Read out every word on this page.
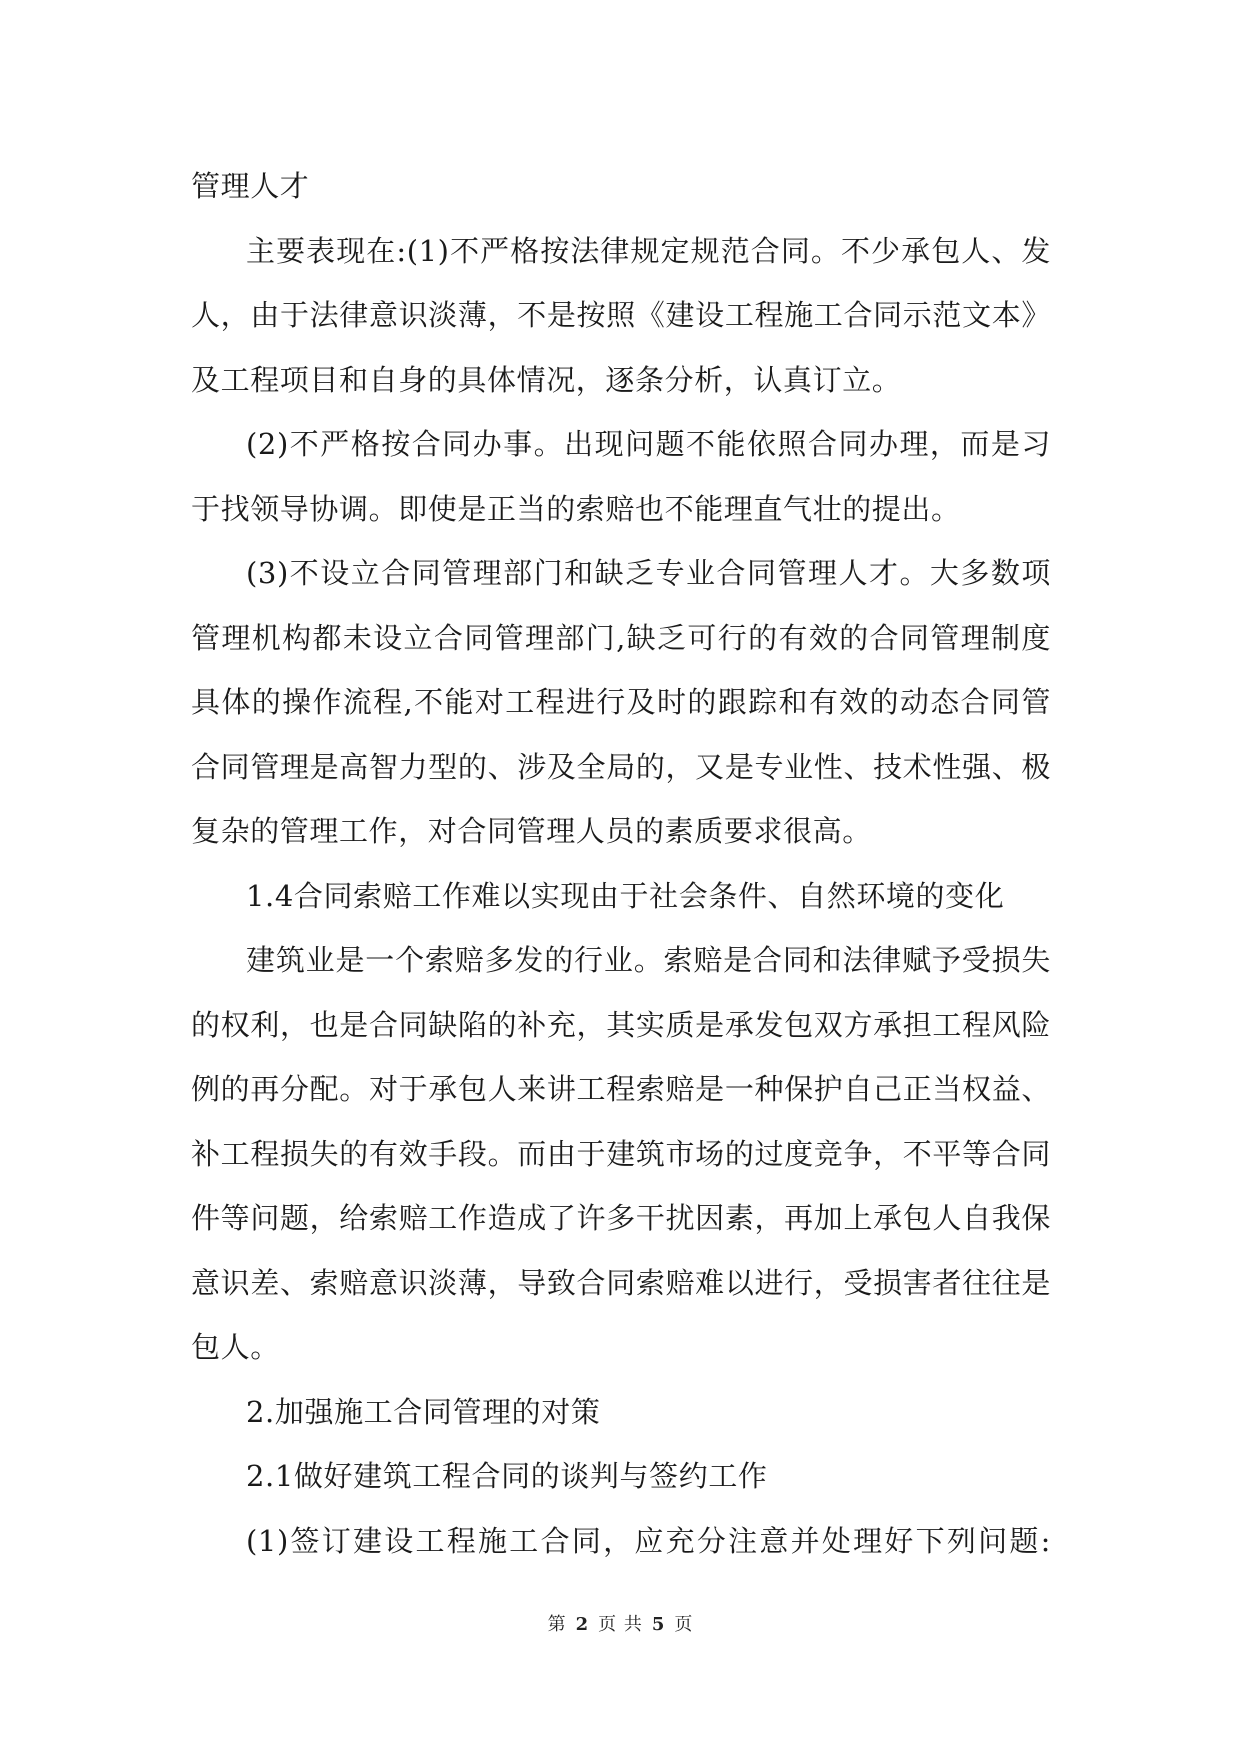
管理人才
主要表现在:(1)不严格按法律规定规范合同。不少承包人、发
人，由于法律意识淡薄，不是按照《建设工程施工合同示范文本》
及工程项目和自身的具体情况，逐条分析，认真订立。
(2)不严格按合同办事。出现问题不能依照合同办理，而是习
于找领导协调。即使是正当的索赔也不能理直气壮的提出。
(3)不设立合同管理部门和缺乏专业合同管理人才。大多数项
管理机构都未设立合同管理部门,缺乏可行的有效的合同管理制度
具体的操作流程,不能对工程进行及时的跟踪和有效的动态合同管
合同管理是高智力型的、涉及全局的，又是专业性、技术性强、极
复杂的管理工作，对合同管理人员的素质要求很高。
1.4合同索赔工作难以实现由于社会条件、自然环境的变化
建筑业是一个索赔多发的行业。索赔是合同和法律赋予受损失
的权利，也是合同缺陷的补充，其实质是承发包双方承担工程风险
例的再分配。对于承包人来讲工程索赔是一种保护自己正当权益、
补工程损失的有效手段。而由于建筑市场的过度竞争，不平等合同
件等问题，给索赔工作造成了许多干扰因素，再加上承包人自我保
意识差、索赔意识淡薄，导致合同索赔难以进行，受损害者往往是
包人。
2.加强施工合同管理的对策
2.1做好建筑工程合同的谈判与签约工作
(1)签订建设工程施工合同，应充分注意并处理好下列问题:
第 2 页 共 5 页
